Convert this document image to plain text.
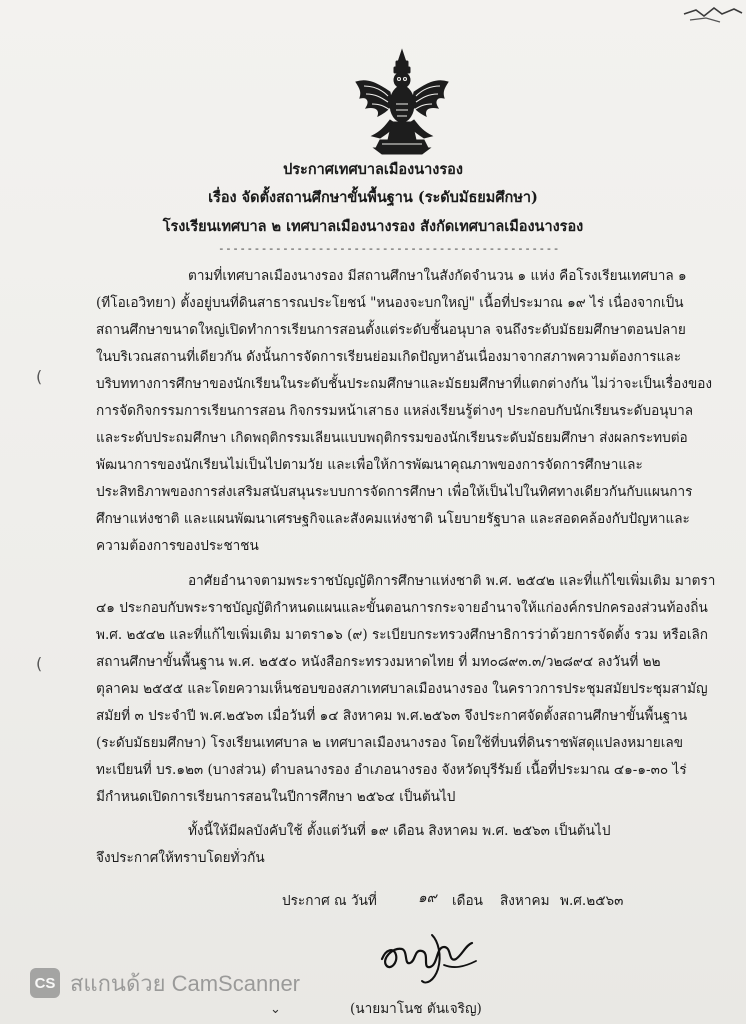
ประกาศเทศบาลเมืองนางรอง
เรื่อง จัดตั้งสถานศึกษาขั้นพื้นฐาน (ระดับมัธยมศึกษา)
โรงเรียนเทศบาล ๒ เทศบาลเมืองนางรอง สังกัดเทศบาลเมืองนางรอง
------------------------------------------------
(
(
ตามที่เทศบาลเมืองนางรอง มีสถานศึกษาในสังกัดจำนวน ๑ แห่ง คือโรงเรียนเทศบาล ๑
(ทีโอเอวิทยา) ตั้งอยู่บนที่ดินสาธารณประโยชน์ "หนองจะบกใหญ่" เนื้อที่ประมาณ ๑๙ ไร่ เนื่องจากเป็น
สถานศึกษาขนาดใหญ่เปิดทำการเรียนการสอนตั้งแต่ระดับชั้นอนุบาล จนถึงระดับมัธยมศึกษาตอนปลาย
ในบริเวณสถานที่เดียวกัน ดังนั้นการจัดการเรียนย่อมเกิดปัญหาอันเนื่องมาจากสภาพความต้องการและ
บริบททางการศึกษาของนักเรียนในระดับชั้นประถมศึกษาและมัธยมศึกษาที่แตกต่างกัน ไม่ว่าจะเป็นเรื่องของ
การจัดกิจกรรมการเรียนการสอน กิจกรรมหน้าเสาธง แหล่งเรียนรู้ต่างๆ ประกอบกับนักเรียนระดับอนุบาล
และระดับประถมศึกษา เกิดพฤติกรรมเลียนแบบพฤติกรรมของนักเรียนระดับมัธยมศึกษา ส่งผลกระทบต่อ
พัฒนาการของนักเรียนไม่เป็นไปตามวัย และเพื่อให้การพัฒนาคุณภาพของการจัดการศึกษาและ
ประสิทธิภาพของการส่งเสริมสนับสนุนระบบการจัดการศึกษา เพื่อให้เป็นไปในทิศทางเดียวกันกับแผนการ
ศึกษาแห่งชาติ และแผนพัฒนาเศรษฐกิจและสังคมแห่งชาติ นโยบายรัฐบาล และสอดคล้องกับปัญหาและ
ความต้องการของประชาชน
อาศัยอำนาจตามพระราชบัญญัติการศึกษาแห่งชาติ พ.ศ. ๒๕๔๒ และที่แก้ไขเพิ่มเติม มาตรา
๔๑ ประกอบกับพระราชบัญญัติกำหนดแผนและขั้นตอนการกระจายอำนาจให้แก่องค์กรปกครองส่วนท้องถิ่น
พ.ศ. ๒๕๔๒ และที่แก้ไขเพิ่มเติม มาตรา๑๖ (๙) ระเบียบกระทรวงศึกษาธิการว่าด้วยการจัดตั้ง รวม หรือเลิก
สถานศึกษาขั้นพื้นฐาน พ.ศ. ๒๕๕๐ หนังสือกระทรวงมหาดไทย ที่ มท๐๘๙๓.๓/ว๒๘๙๔ ลงวันที่ ๒๒
ตุลาคม ๒๕๕๕ และโดยความเห็นชอบของสภาเทศบาลเมืองนางรอง ในคราวการประชุมสมัยประชุมสามัญ
สมัยที่ ๓ ประจำปี พ.ศ.๒๕๖๓ เมื่อวันที่ ๑๔ สิงหาคม พ.ศ.๒๕๖๓ จึงประกาศจัดตั้งสถานศึกษาขั้นพื้นฐาน
(ระดับมัธยมศึกษา) โรงเรียนเทศบาล ๒ เทศบาลเมืองนางรอง โดยใช้ที่บนที่ดินราชพัสดุแปลงหมายเลข
ทะเบียนที่ บร.๑๒๓ (บางส่วน) ตำบลนางรอง อำเภอนางรอง จังหวัดบุรีรัมย์ เนื้อที่ประมาณ ๔๑-๑-๓๐ ไร่
มีกำหนดเปิดการเรียนการสอนในปีการศึกษา ๒๕๖๔ เป็นต้นไป
ทั้งนี้ให้มีผลบังคับใช้ ตั้งแต่วันที่ ๑๙ เดือน สิงหาคม พ.ศ. ๒๕๖๓ เป็นต้นไป
จึงประกาศให้ทราบโดยทั่วกัน
ประกาศ ณ วันที่	๑๙ เดือน สิงหาคม พ.ศ.๒๕๖๓
(นายมาโนช ตันเจริญ)
⌄
CS สแกนด้วย CamScanner
